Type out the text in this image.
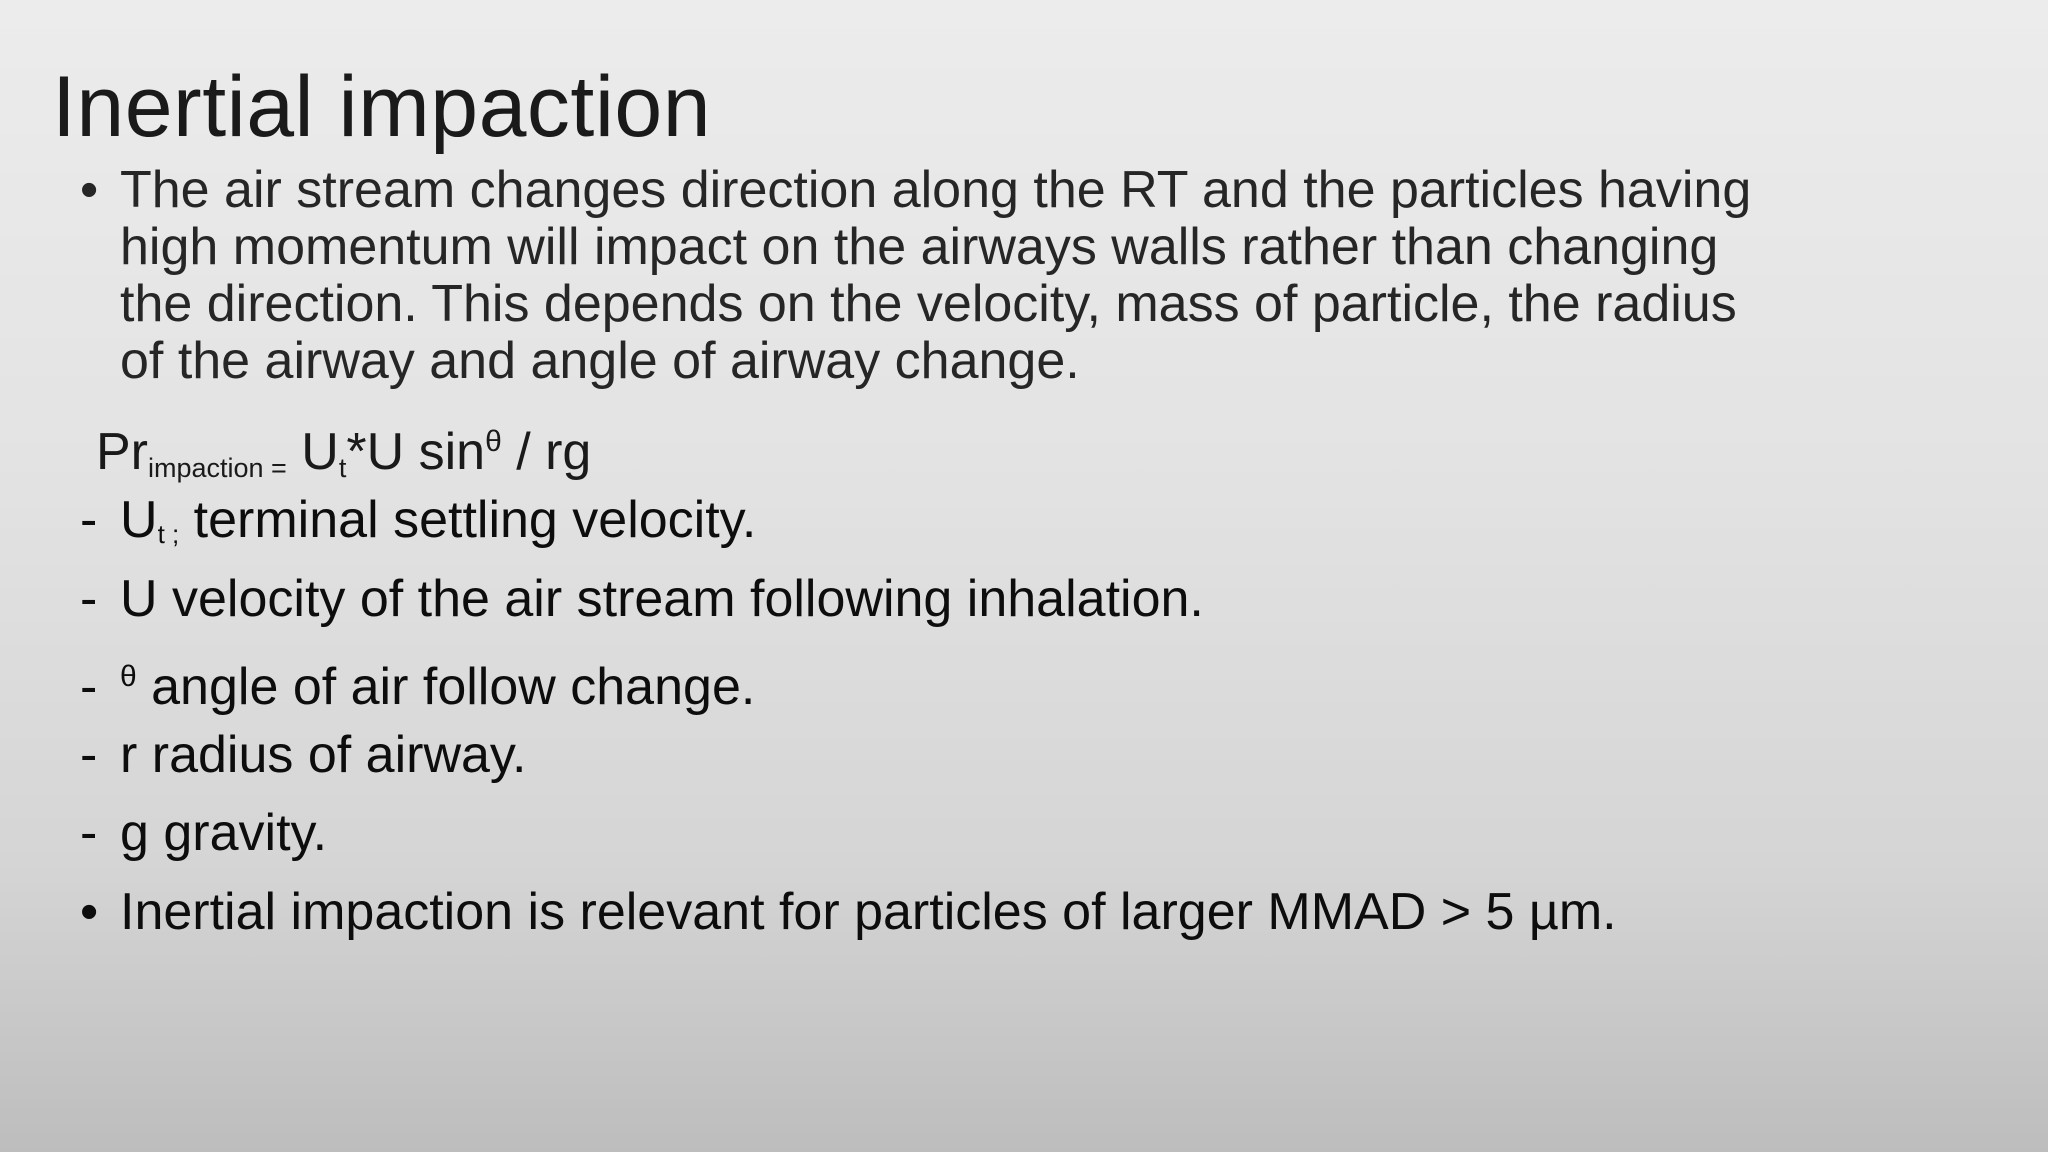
Inertial impaction
• The air stream changes direction along the RT and the particles having
high momentum will impact on the airways walls rather than changing
the direction. This depends on the velocity, mass of particle, the radius
of the airway and angle of airway change.
$Pr_{impaction =}$ $U_t*U$ $\sin^\theta$ / rg
- $U_{t ;}$ terminal settling velocity.
- U velocity of the air stream following inhalation.
- $^\theta$ angle of air follow change.
- r radius of airway.
- g gravity.
• Inertial impaction is relevant for particles of larger MMAD > 5 µm.
